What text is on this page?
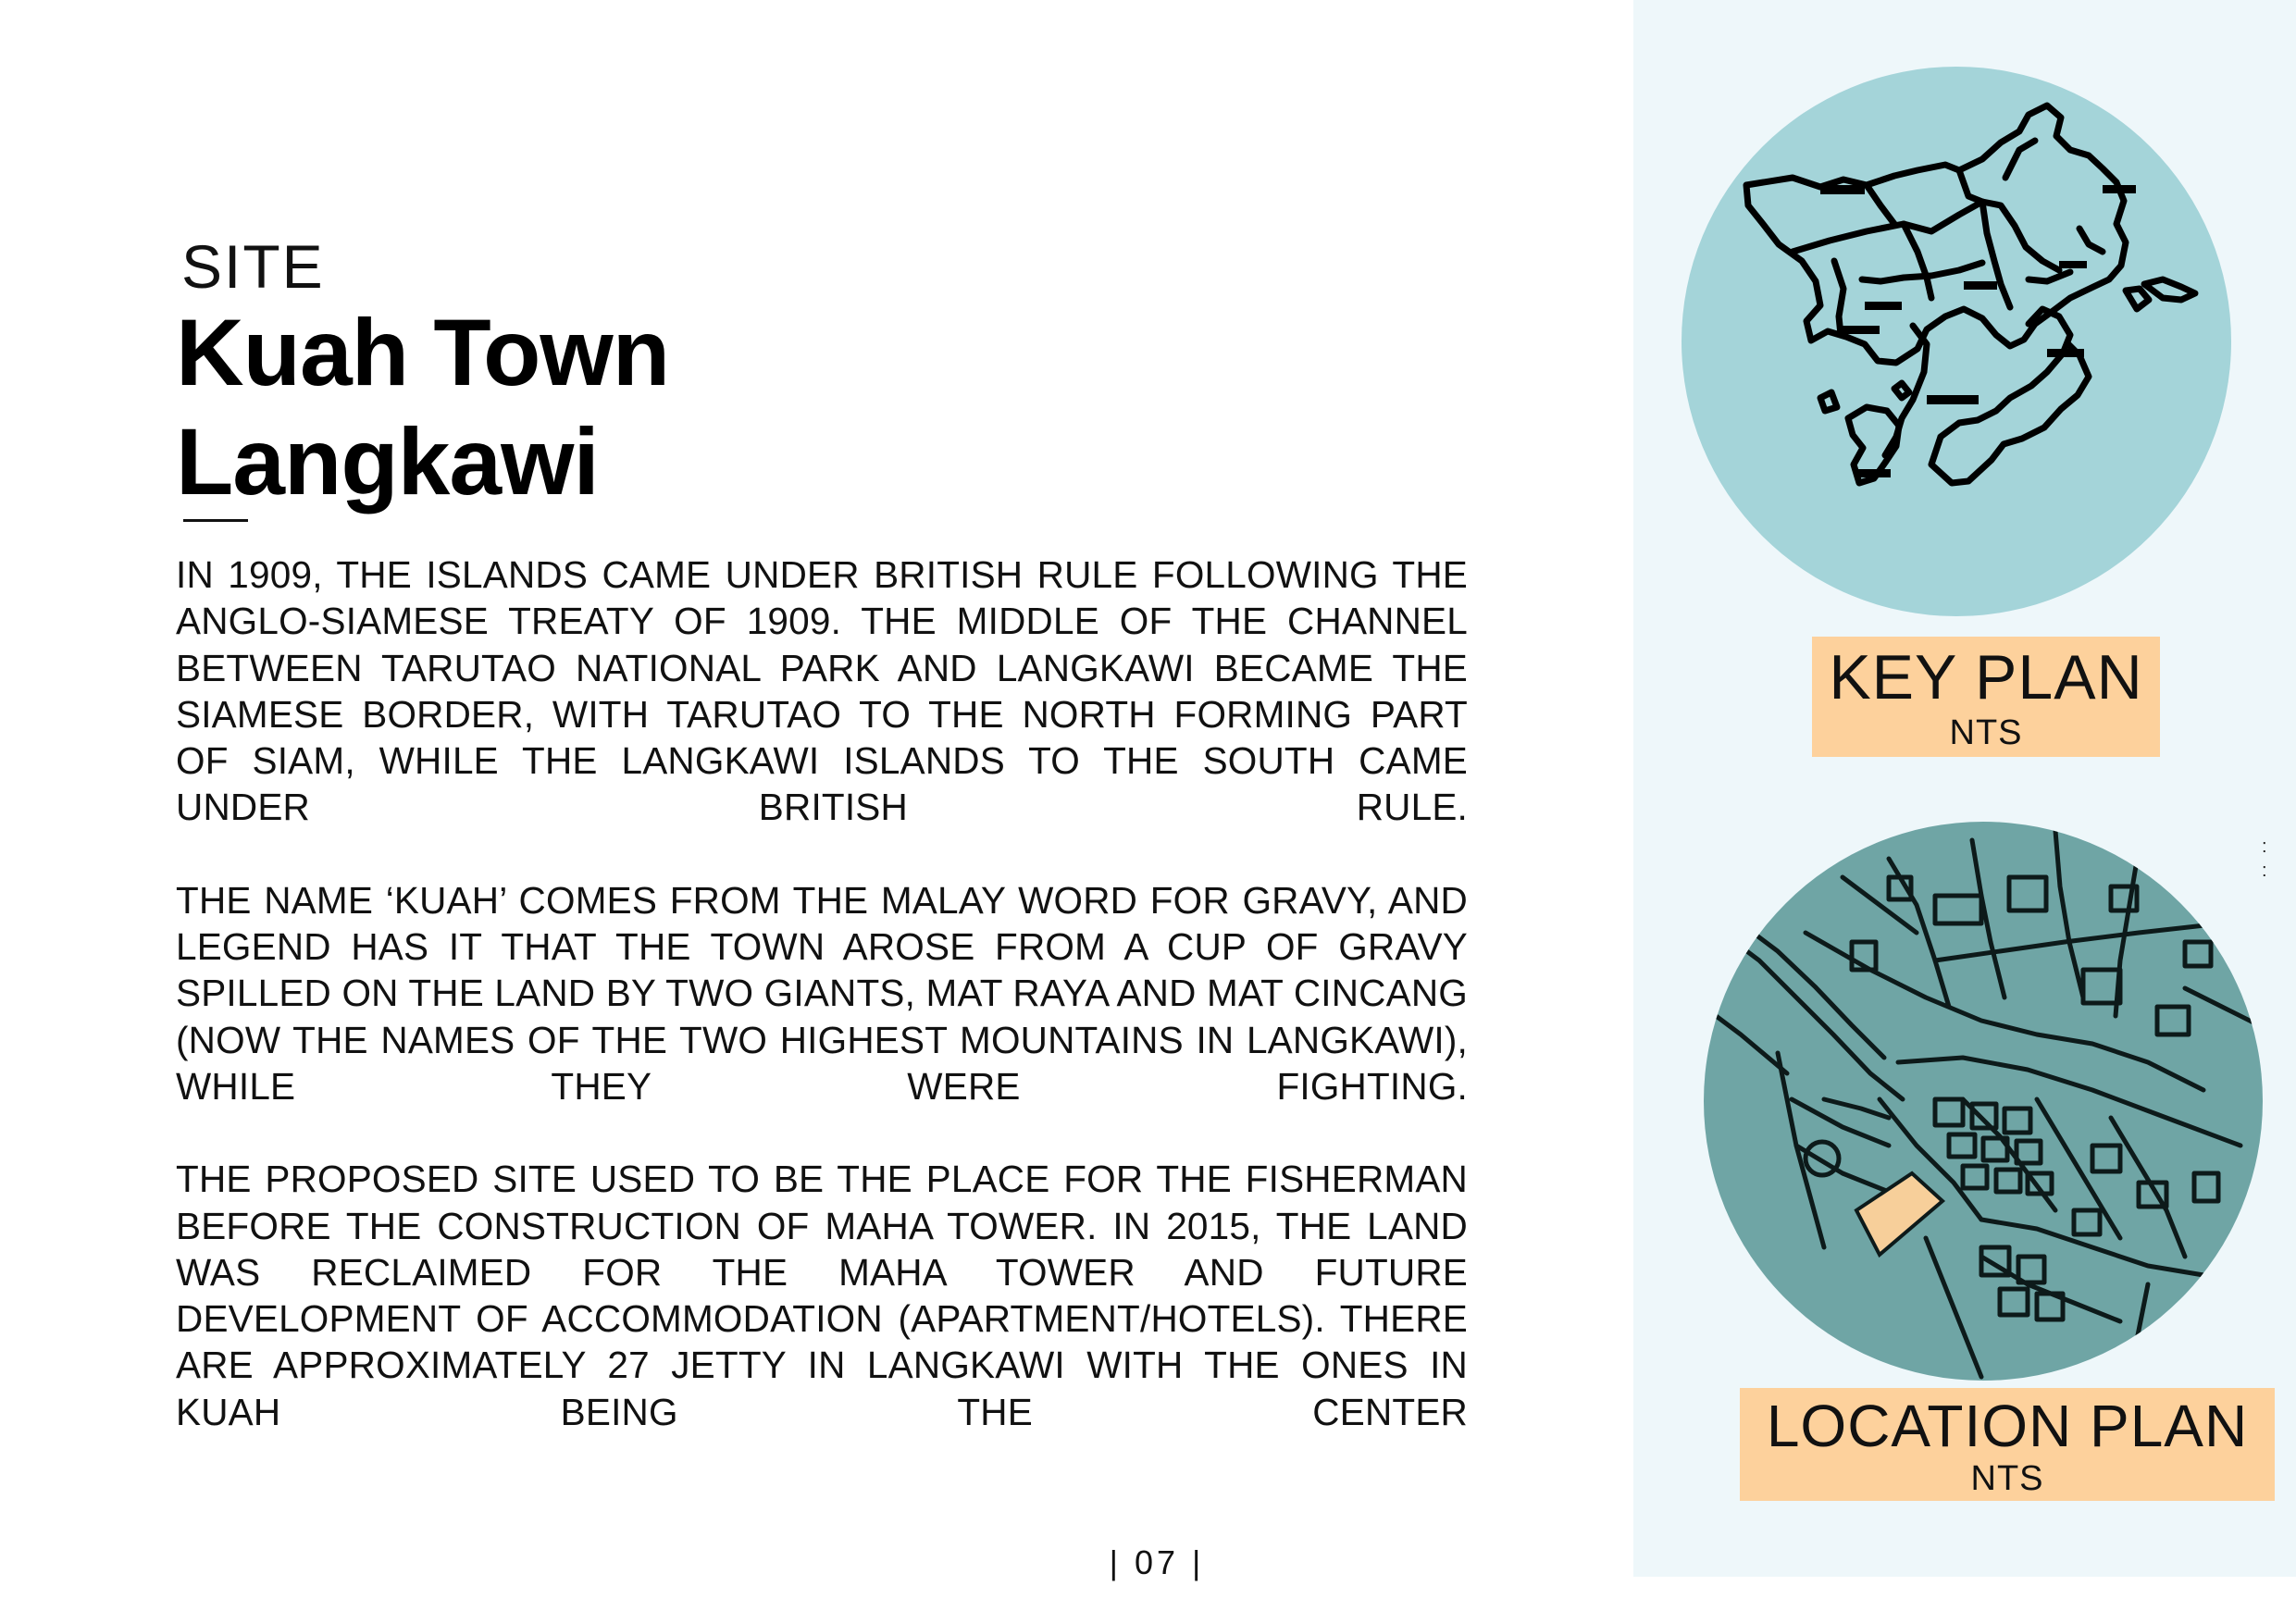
SITE
Kuah Town
Langkawi

IN 1909, THE ISLANDS CAME UNDER BRITISH RULE FOLLOWING THE ANGLO-SIAMESE TREATY OF 1909. THE MIDDLE OF THE CHANNEL BETWEEN TARUTAO NATIONAL PARK AND LANGKAWI BECAME THE SIAMESE BORDER, WITH TARUTAO TO THE NORTH FORMING PART OF SIAM, WHILE THE LANGKAWI ISLANDS TO THE SOUTH CAME UNDER BRITISH RULE.

THE NAME ‘KUAH’ COMES FROM THE MALAY WORD FOR GRAVY, AND LEGEND HAS IT THAT THE TOWN AROSE FROM A CUP OF GRAVY SPILLED ON THE LAND BY TWO GIANTS, MAT RAYA AND MAT CINCANG (NOW THE NAMES OF THE TWO HIGHEST MOUNTAINS IN LANGKAWI), WHILE THEY WERE FIGHTING.

THE PROPOSED SITE USED TO BE THE PLACE FOR THE FISHERMAN BEFORE THE CONSTRUCTION OF MAHA TOWER. IN 2015, THE LAND WAS RECLAIMED FOR THE MAHA TOWER AND FUTURE DEVELOPMENT OF ACCOMMODATION (APARTMENT/HOTELS). THERE ARE APPROXIMATELY 27 JETTY IN LANGKAWI WITH THE ONES IN KUAH BEING THE CENTER

| 07 |
KEY PLAN
NTS
:
:
LOCATION PLAN
NTS
